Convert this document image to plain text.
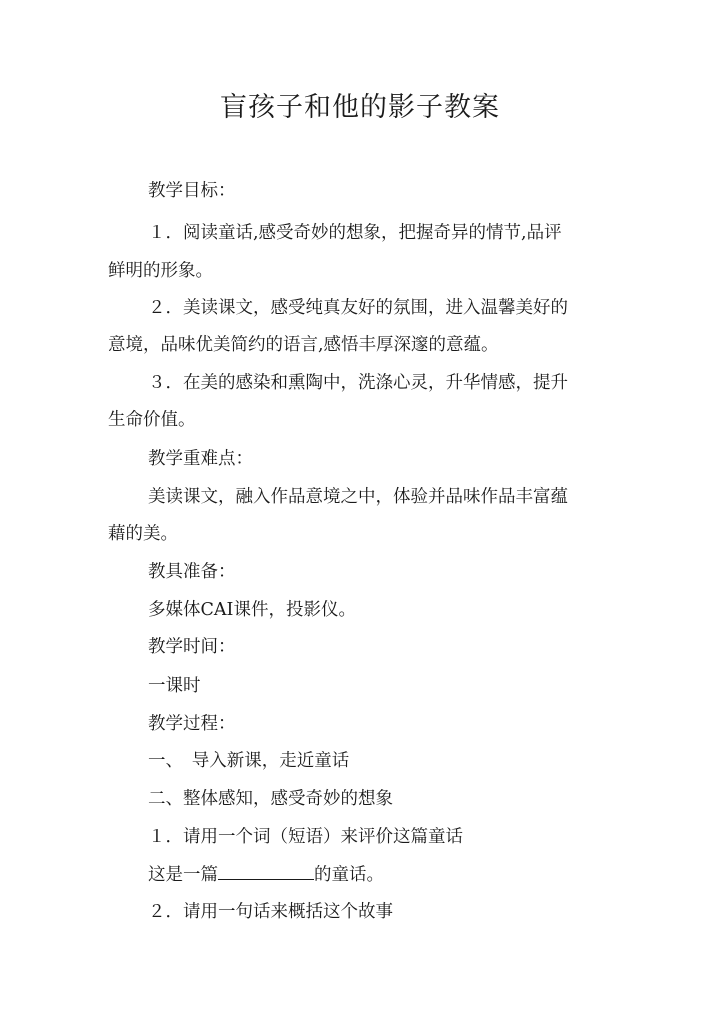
盲孩子和他的影子教案
教学目标：
１．阅读童话,感受奇妙的想象，把握奇异的情节,品评
鲜明的形象。
２．美读课文，感受纯真友好的氛围，进入温馨美好的
意境，品味优美简约的语言,感悟丰厚深邃的意蕴。
３．在美的感染和熏陶中，洗涤心灵，升华情感，提升
生命价值。
教学重难点：
美读课文，融入作品意境之中，体验并品味作品丰富蕴
藉的美。
教具准备：
多媒体CAI课件，投影仪。
教学时间：
一课时
教学过程：
一、　导入新课，走近童话
二、整体感知，感受奇妙的想象
１．请用一个词（短语）来评价这篇童话
这是一篇	的童话。
２．请用一句话来概括这个故事
